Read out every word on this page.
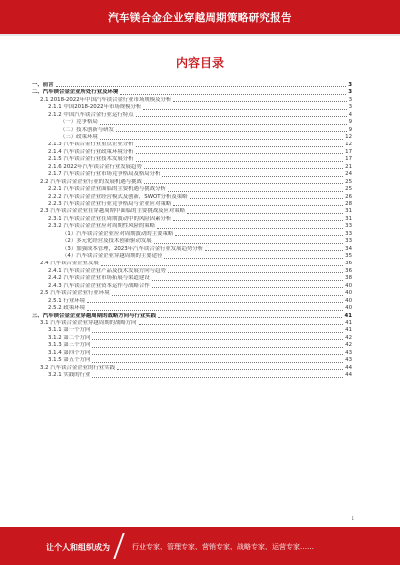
汽车镁合金企业穿越周期策略研究报告
内容目录
一、前言	3
二、汽车镁合金企业所处行业及环境	3
2.1 2018-2022年中国汽车镁合金行业市场规模及分析	3
2.1.1 中国2018-2022年市场规模分析	3
2.1.2 中国汽车镁合金行业运行特点	4
（一）竞争格局	9
（二）技术创新与研发	9
（三）政策环境	12
2.1.3 汽车镁合金行业重点企业分析	12
2.1.4 汽车镁合金行业政策环境分析	17
2.1.5 汽车镁合金行业技术发展分析	17
2.1.6 2022年汽车镁合金行业发展趋势	21
2.1.7 汽车镁合金行业市场竞争格局及格局分析	24
2.2 汽车镁合金企业行业的发展机遇与挑战	25
2.2.1 汽车镁合金企业面临的主要机遇与挑战分析	25
2.2.2 汽车镁合金企业经营模式及创新，SWOT分析及策略	26
2.2.3 汽车镁合金企业行业竞争格局与企业应对策略	28
2.3 汽车镁合金企业在穿越周期中面临的主要挑战及应对策略	31
2.3.1 汽车镁合金企业在周期波动中的风险因素分析	31
2.3.2 汽车镁合金企业应对周期性风险的策略	33
（1）汽车镁合金企业应对周期波动的主要策略	33
（2）多元化经营及技术创新驱动发展	33
（3）加强成本管理，2023年汽车镁合金行业发展趋势分析	34
（4）汽车镁合金企业穿越周期的主要途径	35
2.4 汽车镁合金企业发展	36
2.4.1 汽车镁合金企业产品及技术发展方向与趋势	36
2.4.2 汽车镁合金企业市场拓展与渠道建设	38
2.4.3 汽车镁合金企业资本运作与战略合作	40
2.5 汽车镁合金企业行业环境	40
2.5.1 行业环境	40
2.5.2 政策环境	40
三、汽车镁合金企业穿越周期的战略方向与行业实践	41
3.1 汽车镁合金企业穿越周期的战略方向	41
3.1.1 第一个方向	41
3.1.2 第二个方向	42
3.1.3 第三个方向	42
3.1.4 第四个方向	43
3.1.5 第五个方向	43
3.2 汽车镁合金企业的行业实践	44
3.2.1 实践的行业	44
1
让个人和组织成为	行业专家、管理专家、营销专家、战略专家、运营专家……
